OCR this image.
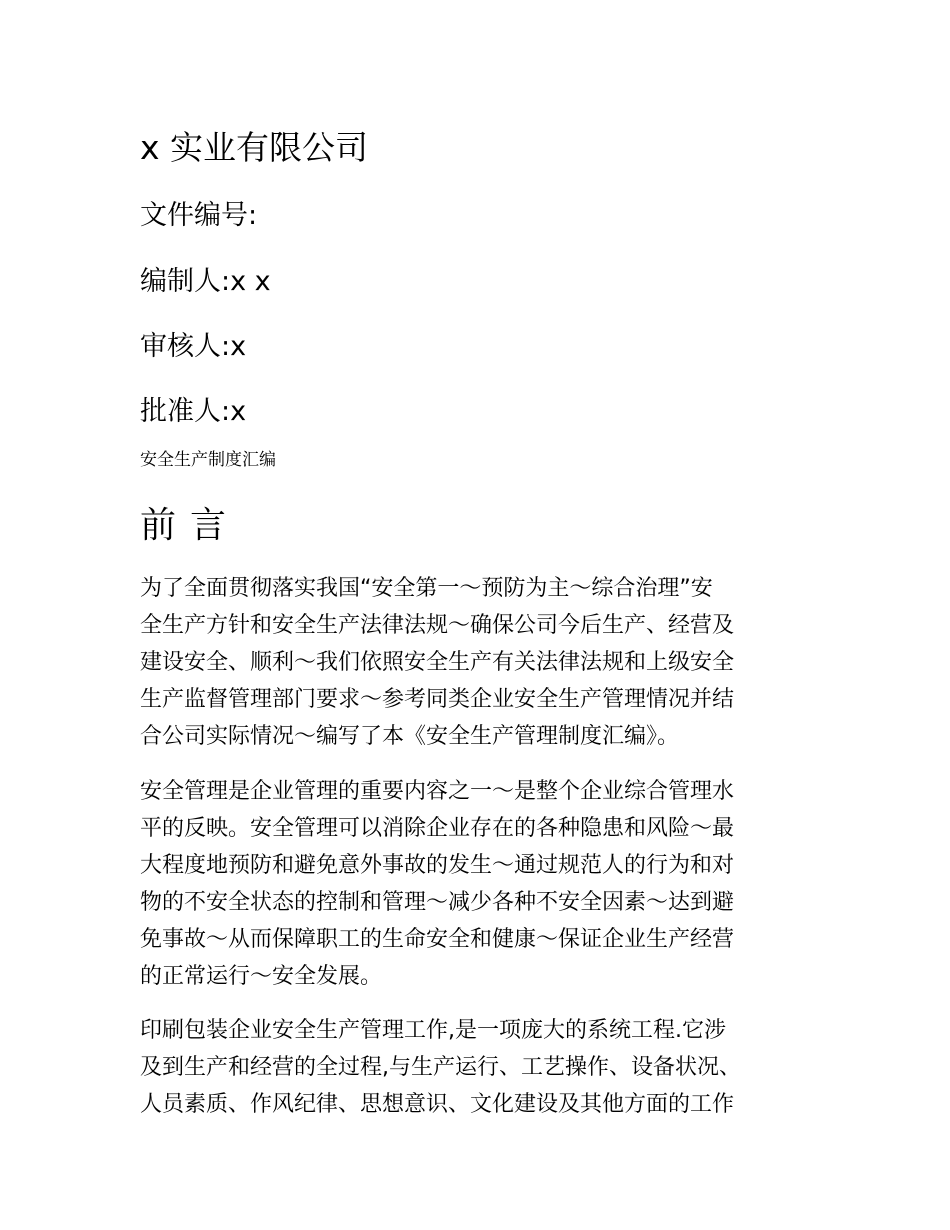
x 实业有限公司
文件编号:
编制人:x x
审核人:x
批准人:x
安全生产制度汇编
前言
为了全面贯彻落实我国“安全第一～预防为主～综合治理”安
全生产方针和安全生产法律法规～确保公司今后生产、经营及
建设安全、顺利～我们依照安全生产有关法律法规和上级安全
生产监督管理部门要求～参考同类企业安全生产管理情况并结
合公司实际情况～编写了本《安全生产管理制度汇编》。
安全管理是企业管理的重要内容之一～是整个企业综合管理水
平的反映。安全管理可以消除企业存在的各种隐患和风险～最
大程度地预防和避免意外事故的发生～通过规范人的行为和对
物的不安全状态的控制和管理～减少各种不安全因素～达到避
免事故～从而保障职工的生命安全和健康～保证企业生产经营
的正常运行～安全发展。
印刷包装企业安全生产管理工作,是一项庞大的系统工程.它涉
及到生产和经营的全过程,与生产运行、工艺操作、设备状况、
人员素质、作风纪律、思想意识、文化建设及其他方面的工作
